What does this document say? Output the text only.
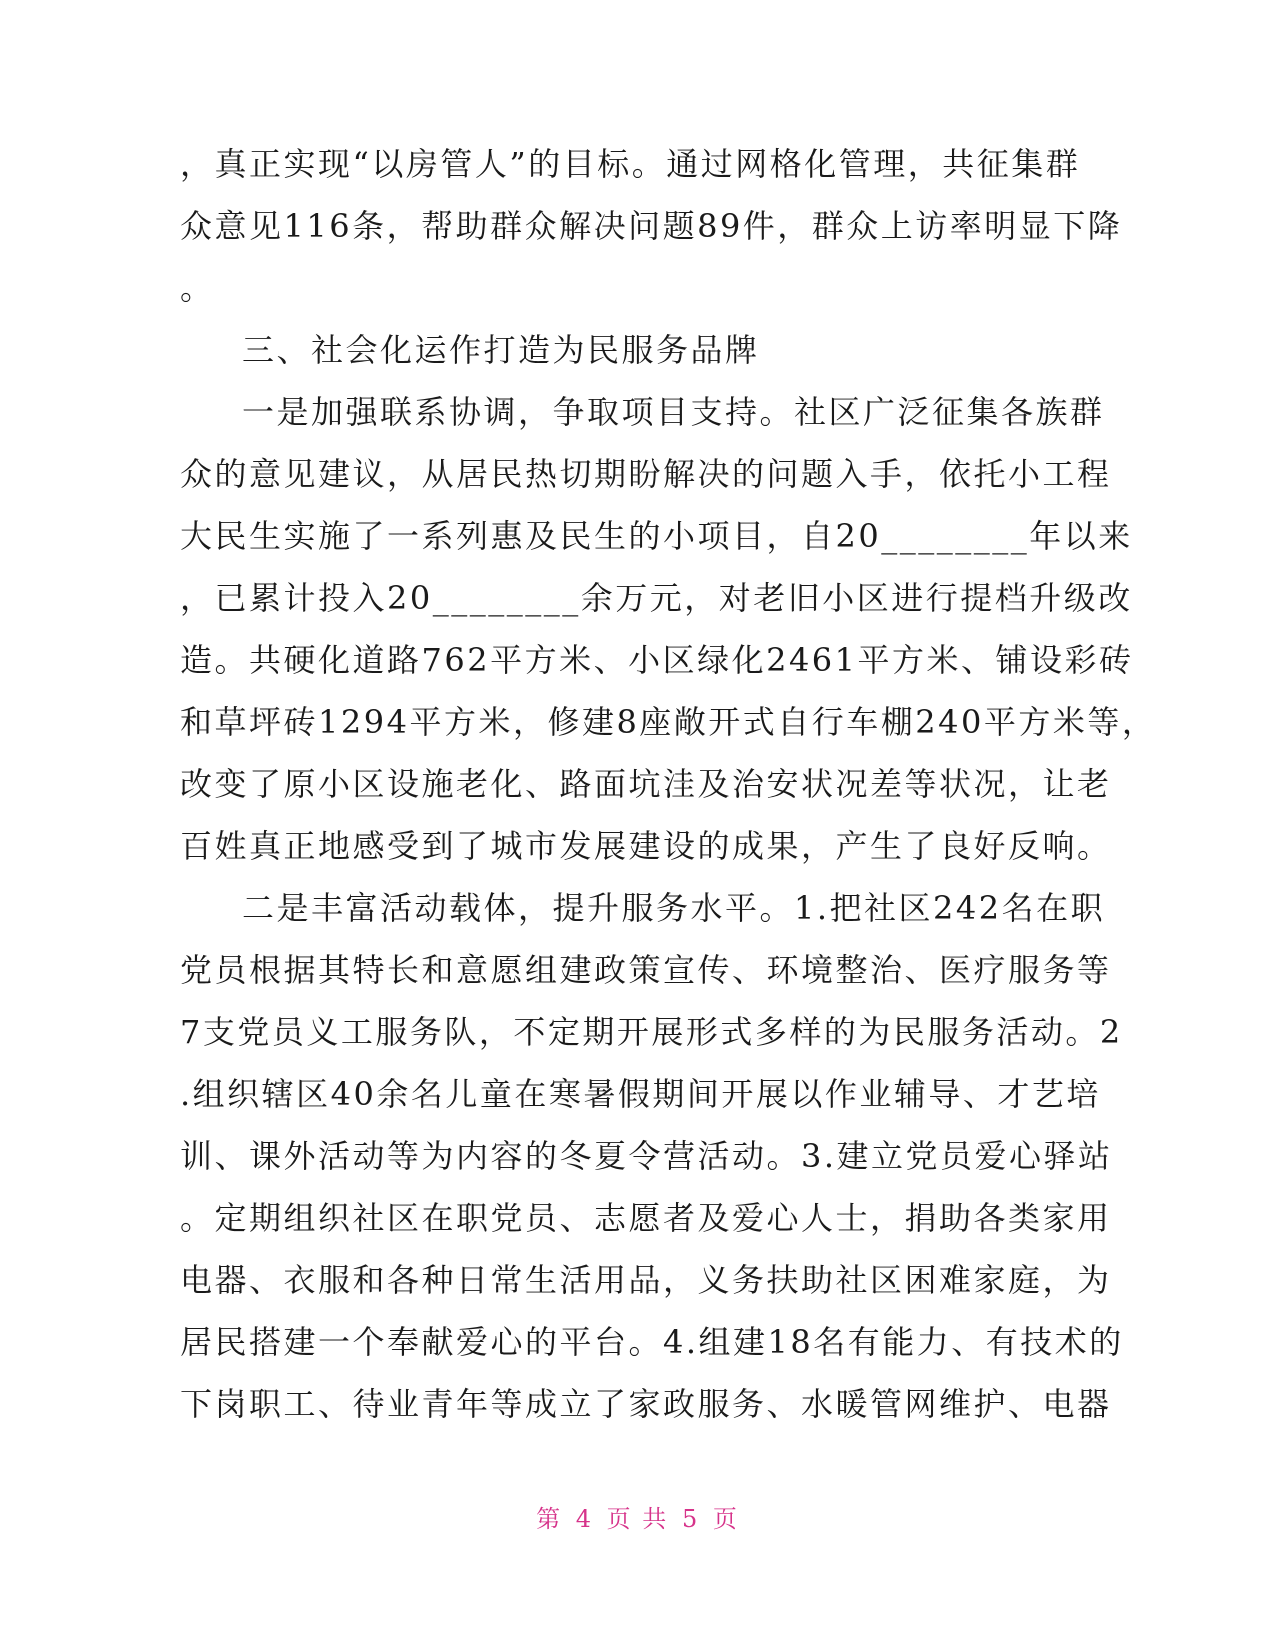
，真正实现“以房管人”的目标。通过网格化管理，共征集群
众意见116条，帮助群众解决问题89件，群众上访率明显下降
。
三、社会化运作打造为民服务品牌
一是加强联系协调，争取项目支持。社区广泛征集各族群
众的意见建议，从居民热切期盼解决的问题入手，依托小工程
大民生实施了一系列惠及民生的小项目，自20________年以来
，已累计投入20________余万元，对老旧小区进行提档升级改
造。共硬化道路762平方米、小区绿化2461平方米、铺设彩砖
和草坪砖1294平方米，修建8座敞开式自行车棚240平方米等，
改变了原小区设施老化、路面坑洼及治安状况差等状况，让老
百姓真正地感受到了城市发展建设的成果，产生了良好反响。
二是丰富活动载体，提升服务水平。1.把社区242名在职
党员根据其特长和意愿组建政策宣传、环境整治、医疗服务等
7支党员义工服务队，不定期开展形式多样的为民服务活动。2
.组织辖区40余名儿童在寒暑假期间开展以作业辅导、才艺培
训、课外活动等为内容的冬夏令营活动。3.建立党员爱心驿站
。定期组织社区在职党员、志愿者及爱心人士，捐助各类家用
电器、衣服和各种日常生活用品，义务扶助社区困难家庭，为
居民搭建一个奉献爱心的平台。4.组建18名有能力、有技术的
下岗职工、待业青年等成立了家政服务、水暖管网维护、电器
第 4 页 共 5 页
